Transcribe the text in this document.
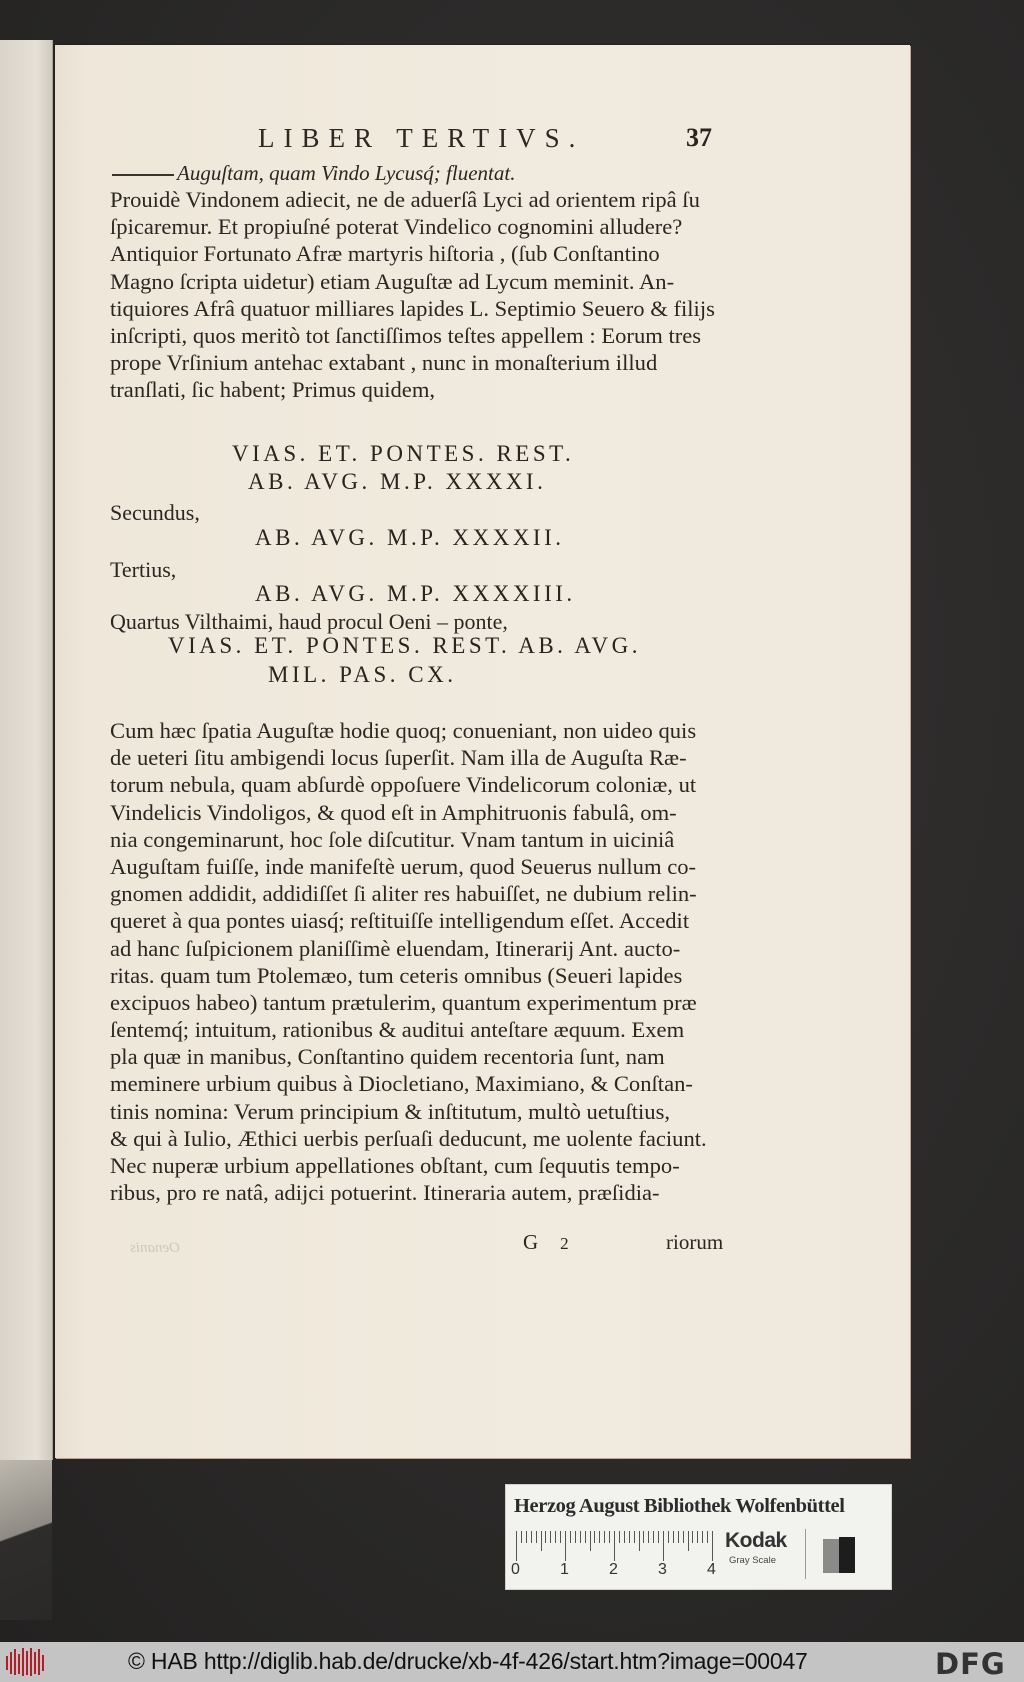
LIBER TERTIVS.	37
Auguſtam, quam Vindo Lycusq́; fluentat.
Prouidè Vindonem adiecit, ne de aduerſâ Lyci ad orientem ripâ ſu
ſpicaremur. Et propiuſné poterat Vindelico cognomini alludere?
Antiquior Fortunato Afræ martyris hiſtoria , (ſub Conſtantino
Magno ſcripta uidetur) etiam Auguſtæ ad Lycum meminit. An-
tiquiores Afrâ quatuor milliares lapides L. Septimio Seuero & filijs
inſcripti, quos meritò tot ſanctiſſimos teſtes appellem : Eorum tres
prope Vrſinium antehac extabant , nunc in monaſterium illud
tranſlati, ſic habent; Primus quidem,
VIAS. ET. PONTES. REST.
AB. AVG. M.P. XXXXI.
Secundus,
AB. AVG. M.P. XXXXII.
Tertius,
AB. AVG. M.P. XXXXIII.
Quartus Vilthaimi, haud procul Oeni – ponte,
VIAS. ET. PONTES. REST. AB. AVG.
MIL. PAS. CX.
Cum hæc ſpatia Auguſtæ hodie quoq; conueniant, non uideo quis
de ueteri ſitu ambigendi locus ſuperſit. Nam illa de Auguſta Ræ-
torum nebula, quam abſurdè oppoſuere Vindelicorum coloniæ, ut
Vindelicis Vindoligos, & quod eſt in Amphitruonis fabulâ, om-
nia congeminarunt, hoc ſole diſcutitur. Vnam tantum in uiciniâ
Auguſtam fuiſſe, inde manifeſtè uerum, quod Seuerus nullum co-
gnomen addidit, addidiſſet ſi aliter res habuiſſet, ne dubium relin-
queret à qua pontes uiasq́; reſtituiſſe intelligendum eſſet. Accedit
ad hanc ſuſpicionem planiſſimè eluendam, Itinerarij Ant. aucto-
ritas. quam tum Ptolemæo, tum ceteris omnibus (Seueri lapides
excipuos habeo) tantum prætulerim, quantum experimentum præ
ſentemq́; intuitum, rationibus & auditui anteſtare æquum. Exem
pla quæ in manibus, Conſtantino quidem recentoria ſunt, nam
meminere urbium quibus à Diocletiano, Maximiano, & Conſtan-
tinis nomina: Verum principium & inſtitutum, multò uetuſtius,
& qui à Iulio, Æthici uerbis perſuaſi deducunt, me uolente faciunt.
Nec nuperæ urbium appellationes obſtant, cum ſequutis tempo-
ribus, pro re natâ, adijci potuerint. Itineraria autem, præſidia-
Oenanis	G 2	riorum
Herzog August Bibliothek Wolfenbüttel
0	1	2	3	4
Kodak
Gray Scale
© HAB http://diglib.hab.de/drucke/xb-4f-426/start.htm?image=00047	DFG
